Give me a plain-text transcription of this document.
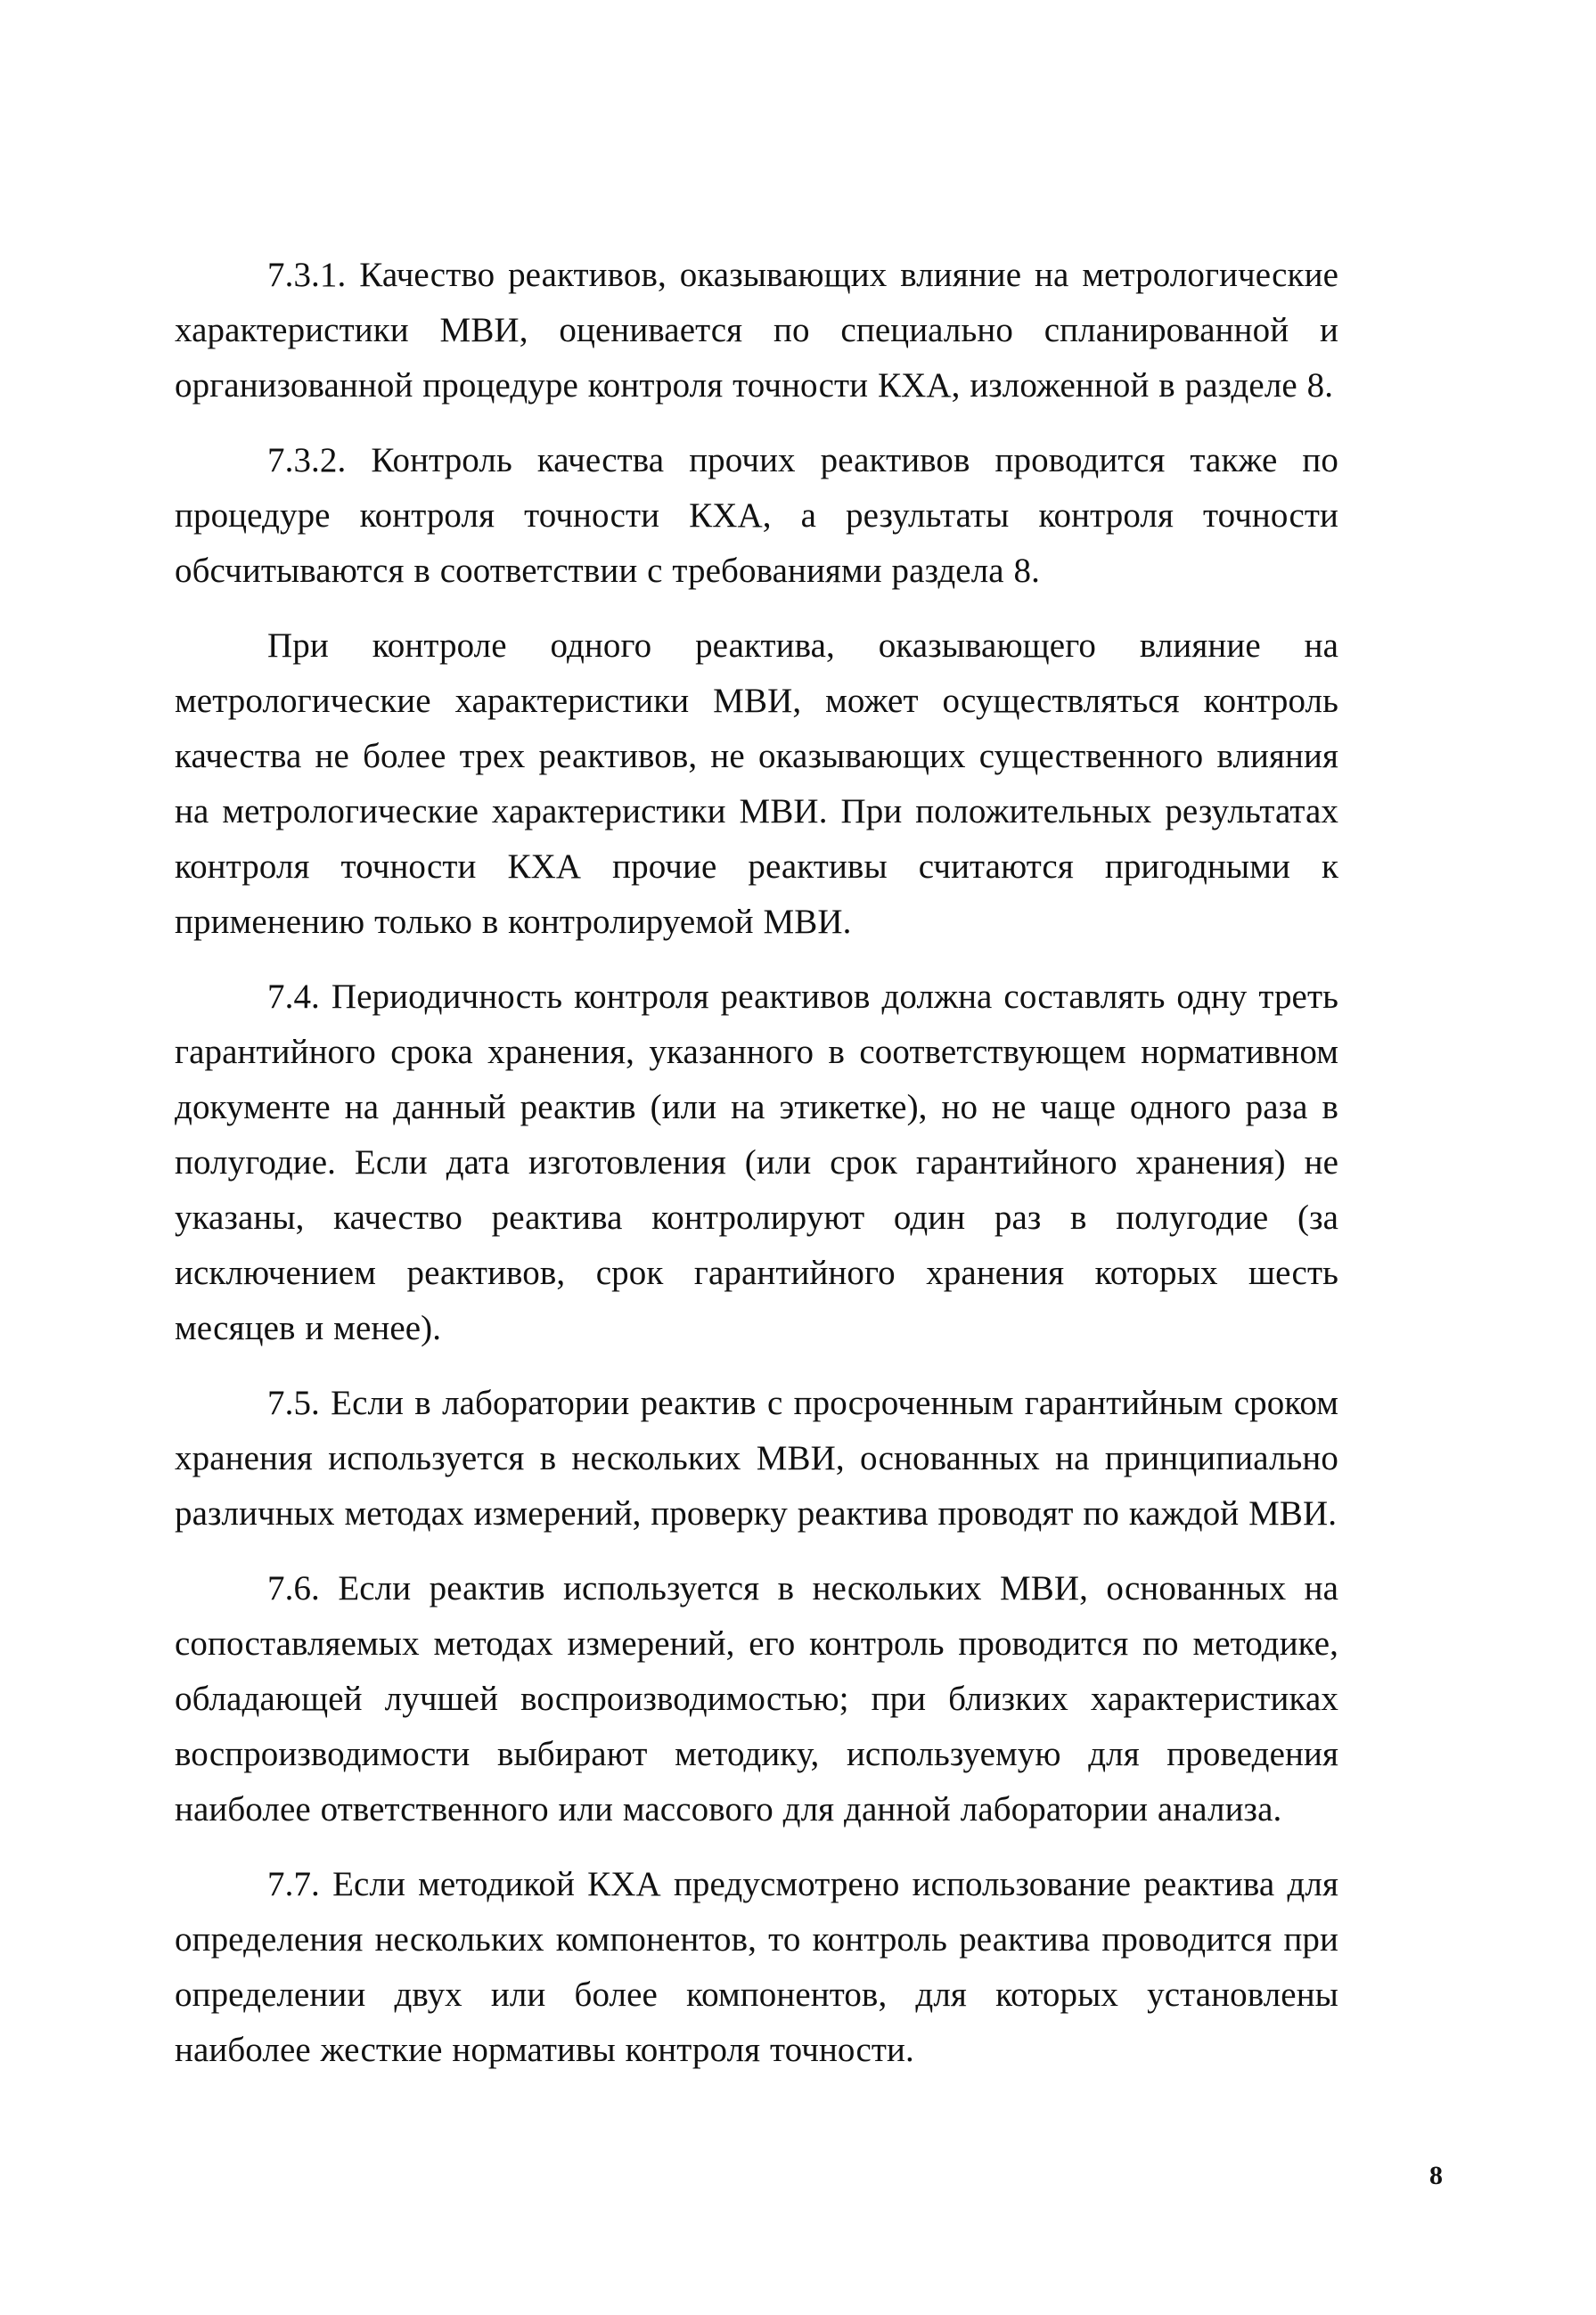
7.3.1. Качество реактивов, оказывающих влияние на метрологические характеристики МВИ, оценивается по специально спланированной и организованной процедуре контроля точности КХА, изложенной в разделе 8.

7.3.2. Контроль качества прочих реактивов проводится также по процедуре контроля точности КХА, а результаты контроля точности обсчитываются в соответствии с требованиями раздела 8.

При контроле одного реактива, оказывающего влияние на метрологические характеристики МВИ, может осуществляться контроль качества не более трех реактивов, не оказывающих существенного влияния на метрологические характеристики МВИ. При положительных результатах контроля точности КХА прочие реактивы считаются пригодными к применению только в контролируемой МВИ.

7.4. Периодичность контроля реактивов должна составлять одну треть гарантийного срока хранения, указанного в соответствующем нормативном документе на данный реактив (или на этикетке), но не чаще одного раза в полугодие. Если дата изготовления (или срок гарантийного хранения) не указаны, качество реактива контролируют один раз в полугодие (за исключением реактивов, срок гарантийного хранения которых шесть месяцев и менее).

7.5. Если в лаборатории реактив с просроченным гарантийным сроком хранения используется в нескольких МВИ, основанных на принципиально различных методах измерений, проверку реактива проводят по каждой МВИ.

7.6. Если реактив используется в нескольких МВИ, основанных на сопоставляемых методах измерений, его контроль проводится по методике, обладающей лучшей воспроизводимостью; при близких характеристиках воспроизводимости выбирают методику, используемую для проведения наиболее ответственного или массового для данной лаборатории анализа.

7.7. Если методикой КХА предусмотрено использование реактива для определения нескольких компонентов, то контроль реактива проводится при определении двух или более компонентов, для которых установлены наиболее жесткие нормативы контроля точности.

8
